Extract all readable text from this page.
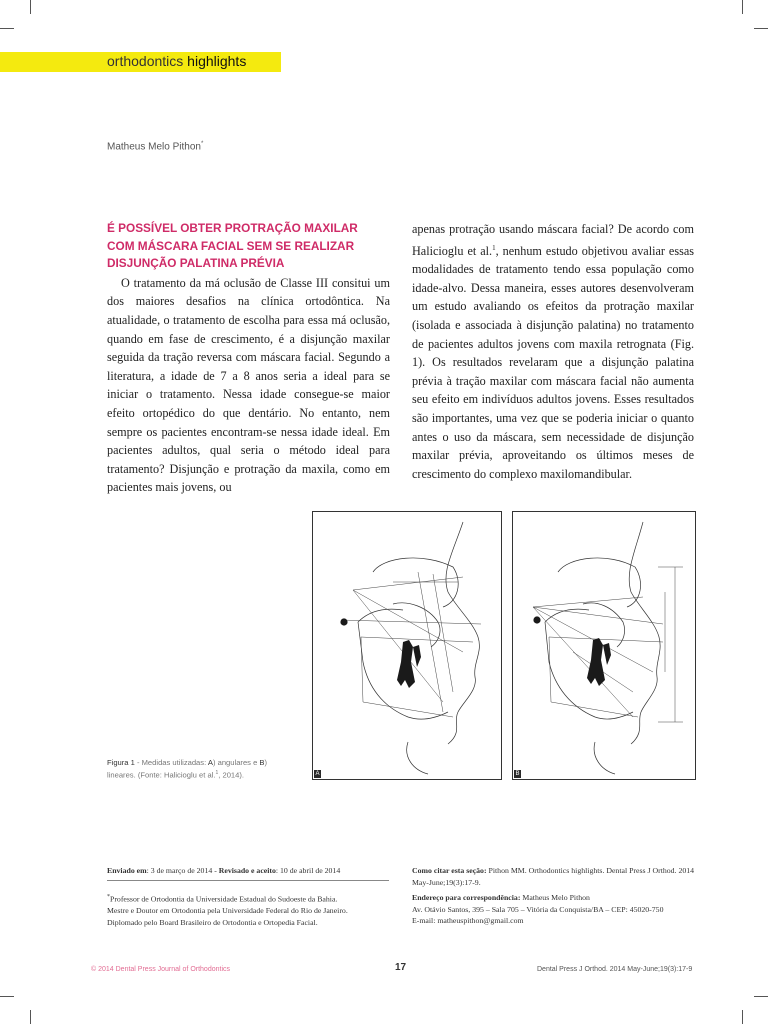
orthodontics highlights
Matheus Melo Pithon*
É POSSÍVEL OBTER PROTRAÇÃO MAXILAR
COM MÁSCARA FACIAL SEM SE REALIZAR
DISJUNÇÃO PALATINA PRÉVIA

O tratamento da má oclusão de Classe III consitui um dos maiores desafios na clínica ortodôntica. Na atualidade, o tratamento de escolha para essa má oclusão, quando em fase de crescimento, é a disjunção maxilar seguida da tração reversa com máscara facial. Segundo a literatura, a idade de 7 a 8 anos seria a ideal para se iniciar o tratamento. Nessa idade consegue-se maior efeito ortopédico do que dentário. No entanto, nem sempre os pacientes encontram-se nessa idade ideal. Em pacientes adultos, qual seria o método ideal para tratamento? Disjunção e protração da maxila, como em pacientes mais jovens, ou

apenas protração usando máscara facial? De acordo com Halicioglu et al.$^1$, nenhum estudo objetivou avaliar essas modalidades de tratamento tendo essa população como idade-alvo. Dessa maneira, esses autores desenvolveram um estudo avaliando os efeitos da protração maxilar (isolada e associada à disjunção palatina) no tratamento de pacientes adultos jovens com maxila retrognata (Fig. 1). Os resultados revelaram que a disjunção palatina prévia à tração maxilar com máscara facial não aumenta seu efeito em indivíduos adultos jovens. Esses resultados são importantes, uma vez que se poderia iniciar o quanto antes o uso da máscara, sem necessidade de disjunção maxilar prévia, aproveitando os últimos meses de crescimento do complexo maxilomandibular.

A	B
Figura 1 - Medidas utilizadas: A) angulares e B) lineares. (Fonte: Halicioglu et al.$^1$, 2014).
Enviado em: 3 de março de 2014 - Revisado e aceito: 10 de abril de 2014
*Professor de Ortodontia da Universidade Estadual do Sudoeste da Bahia.
Mestre e Doutor em Ortodontia pela Universidade Federal do Rio de Janeiro.
Diplomado pelo Board Brasileiro de Ortodontia e Ortopedia Facial.
Como citar esta seção: Pithon MM. Orthodontics highlights. Dental Press J Orthod. 2014 May-June;19(3):17-9.
Endereço para correspondência: Matheus Melo Pithon
Av. Otávio Santos, 395 – Sala 705 – Vitória da Conquista/BA – CEP: 45020-750
E-mail: matheuspithon@gmail.com
© 2014 Dental Press Journal of Orthodontics	17	Dental Press J Orthod. 2014 May-June;19(3):17-9
